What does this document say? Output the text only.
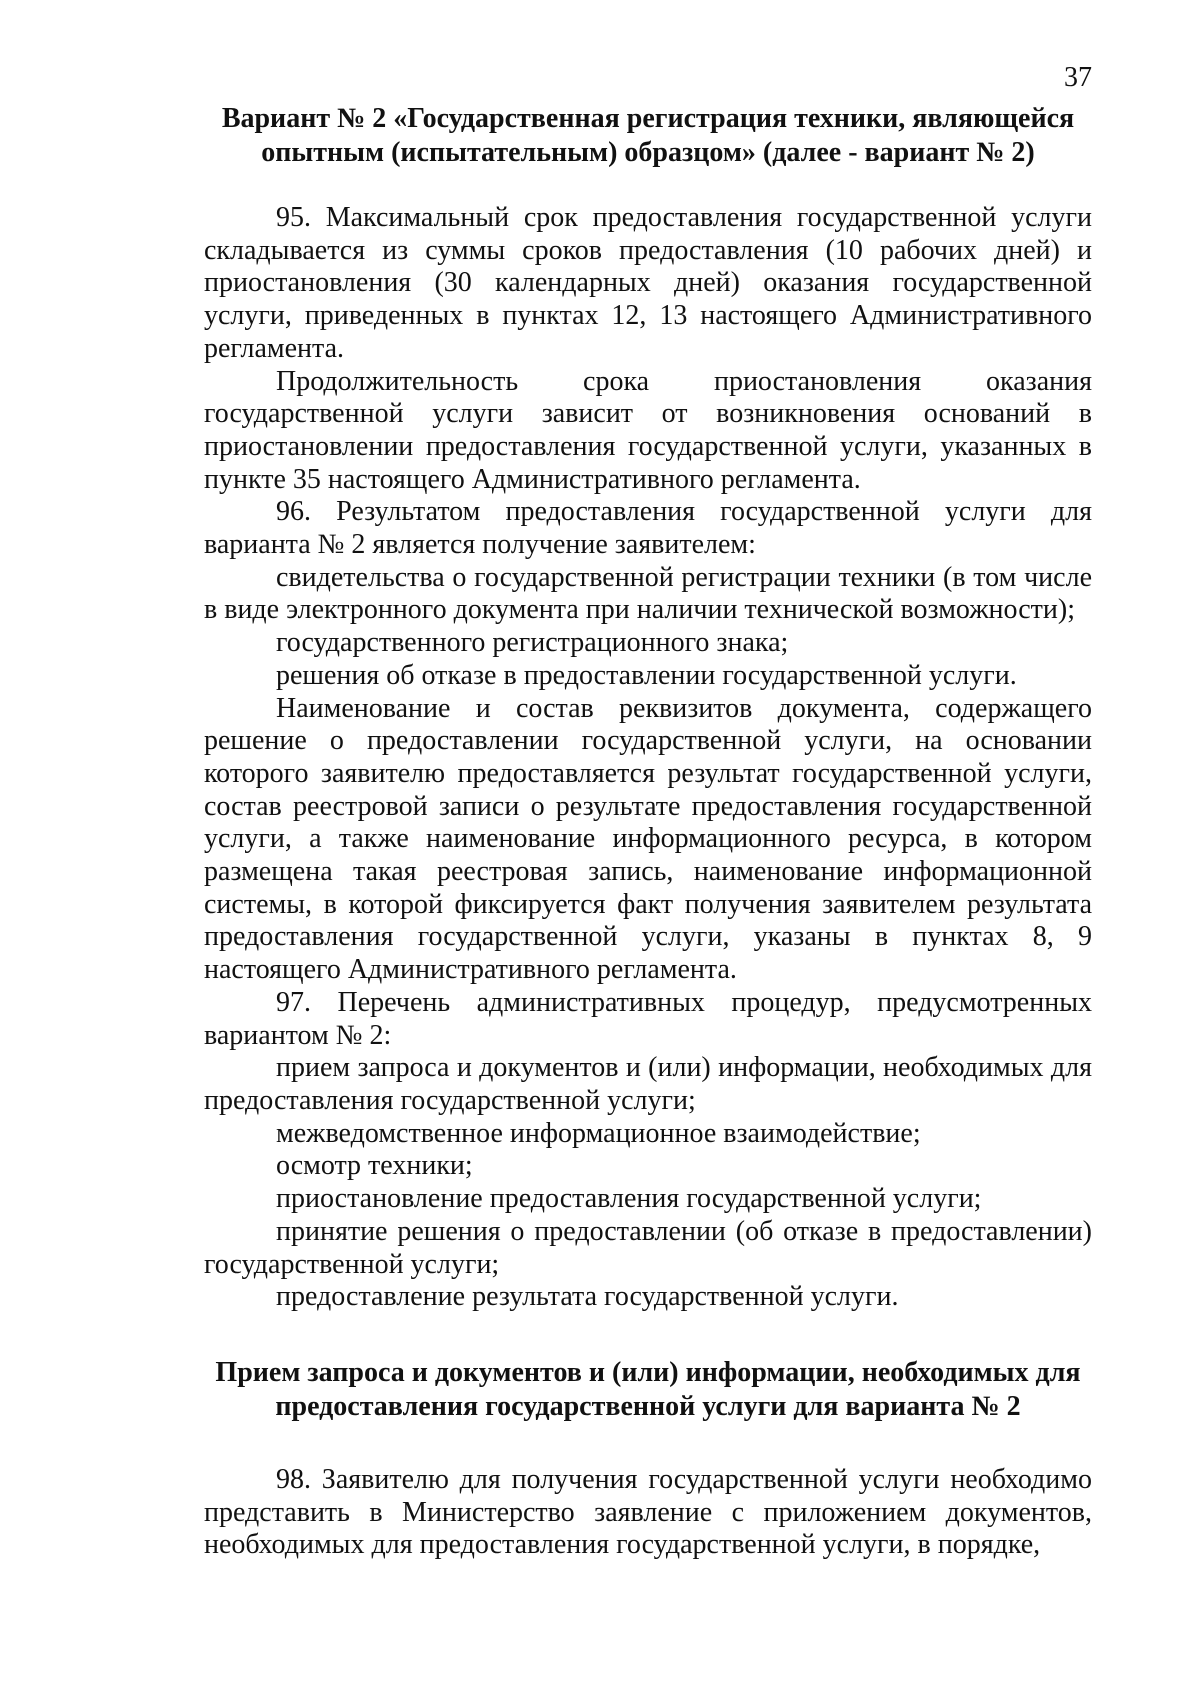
37
Вариант № 2 «Государственная регистрация техники, являющейся опытным (испытательным) образцом» (далее - вариант № 2)

95. Максимальный срок предоставления государственной услуги складывается из суммы сроков предоставления (10 рабочих дней) и приостановления (30 календарных дней) оказания государственной услуги, приведенных в пунктах 12, 13 настоящего Административного регламента.

Продолжительность срока приостановления оказания государственной услуги зависит от возникновения оснований в приостановлении предоставления государственной услуги, указанных в пункте 35 настоящего Административного регламента.

96. Результатом предоставления государственной услуги для варианта № 2 является получение заявителем:

свидетельства о государственной регистрации техники (в том числе в виде электронного документа при наличии технической возможности);

государственного регистрационного знака;

решения об отказе в предоставлении государственной услуги.

Наименование и состав реквизитов документа, содержащего решение о предоставлении государственной услуги, на основании которого заявителю предоставляется результат государственной услуги, состав реестровой записи о результате предоставления государственной услуги, а также наименование информационного ресурса, в котором размещена такая реестровая запись, наименование информационной системы, в которой фиксируется факт получения заявителем результата предоставления государственной услуги, указаны в пунктах 8, 9 настоящего Административного регламента.

97. Перечень административных процедур, предусмотренных вариантом № 2:

прием запроса и документов и (или) информации, необходимых для предоставления государственной услуги;

межведомственное информационное взаимодействие;

осмотр техники;

приостановление предоставления государственной услуги;

принятие решения о предоставлении (об отказе в предоставлении) государственной услуги;

предоставление результата государственной услуги.

Прием запроса и документов и (или) информации, необходимых для предоставления государственной услуги для варианта № 2

98. Заявителю для получения государственной услуги необходимо представить в Министерство заявление с приложением документов, необходимых для предоставления государственной услуги, в порядке,
